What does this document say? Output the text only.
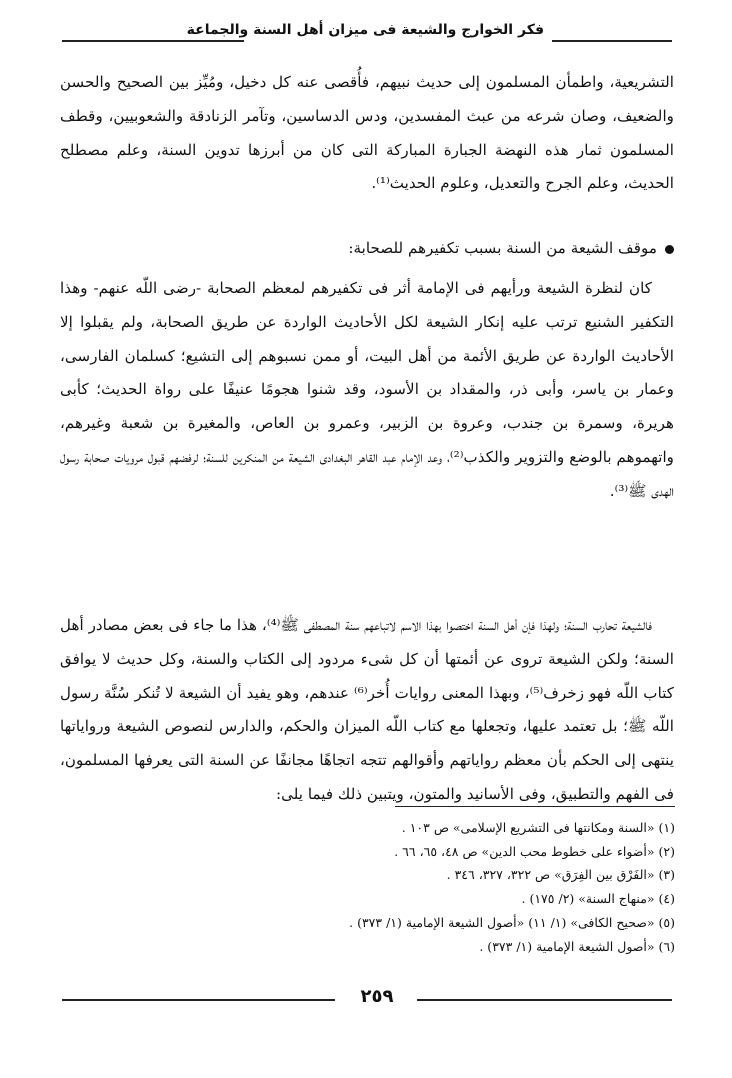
فكر الخوارج والشيعة فى ميزان أهل السنة والجماعة
التشريعية، واطمأن المسلمون إلى حديث نبيهم، فأُقصى عنه كل دخيل، ومُيِّز بين الصحيح والحسن والضعيف، وصان شرعه من عبث المفسدين، ودس الدساسين، وتآمر الزنادقة والشعوبيين، وقطف المسلمون ثمار هذه النهضة الجبارة المباركة التى كان من أبرزها تدوين السنة، وعلم مصطلح الحديث، وعلم الجرح والتعديل، وعلوم الحديث⁽¹⁾.
موقف الشيعة من السنة بسبب تكفيرهم للصحابة:
كان لنظرة الشيعة ورأيهم فى الإمامة أثر فى تكفيرهم لمعظم الصحابة -رضى اللّه عنهم- وهذا التكفير الشنيع ترتب عليه إنكار الشيعة لكل الأحاديث الواردة عن طريق الصحابة، ولم يقبلوا إلا الأحاديث الواردة عن طريق الأئمة من أهل البيت، أو ممن نسبوهم إلى التشيع؛ كسلمان الفارسى، وعمار بن ياسر، وأبى ذر، والمقداد بن الأسود، وقد شنوا هجومًا عنيفًا على رواة الحديث؛ كأبى هريرة، وسمرة بن جندب، وعروة بن الزبير، وعمرو بن العاص، والمغيرة بن شعبة وغيرهم، واتهموهم بالوضع والتزوير والكذب⁽²⁾، وعد الإمام عبد القاهر البغدادى الشيعة من المنكرين للسنة؛ لرفضهم قبول مرويات صحابة رسول الهدى ﷺ⁽³⁾.
فالشيعة تحارب السنة؛ ولهذا فإن أهل السنة اختصوا بهذا الاسم لاتباعهم سنة المصطفى ﷺ⁽⁴⁾، هذا ما جاء فى بعض مصادر أهل السنة؛ ولكن الشيعة تروى عن أئمتها أن كل شىء مردود إلى الكتاب والسنة، وكل حديث لا يوافق كتاب اللّه فهو زخرف⁽⁵⁾، وبهذا المعنى روايات أُخر⁽⁶⁾ عندهم، وهو يفيد أن الشيعة لا تُنكر سُنَّة رسول اللّه ﷺ؛ بل تعتمد عليها، وتجعلها مع كتاب اللّه الميزان والحكم، والدارس لنصوص الشيعة ورواياتها ينتهى إلى الحكم بأن معظم رواياتهم وأقوالهم تتجه اتجاهًا مجانفًا عن السنة التى يعرفها المسلمون، فى الفهم والتطبيق، وفى الأسانيد والمتون، ويتبين ذلك فيما يلى:
(١) «السنة ومكانتها فى التشريع الإسلامى» ص ١٠٣ .
(٢) «أضواء على خطوط محب الدين» ص ٤٨، ٦٥، ٦٦ .
(٣) «الفَرْق بين الفِرَق» ص ٣٢٢، ٣٢٧، ٣٤٦ .
(٤) «منهاج السنة» (٢/ ١٧٥) .
(٥) «صحيح الكافى» (١/ ١١) «أصول الشيعة الإمامية (١/ ٣٧٣) .
(٦) «أصول الشيعة الإمامية (١/ ٣٧٣) .
٢٥٩
